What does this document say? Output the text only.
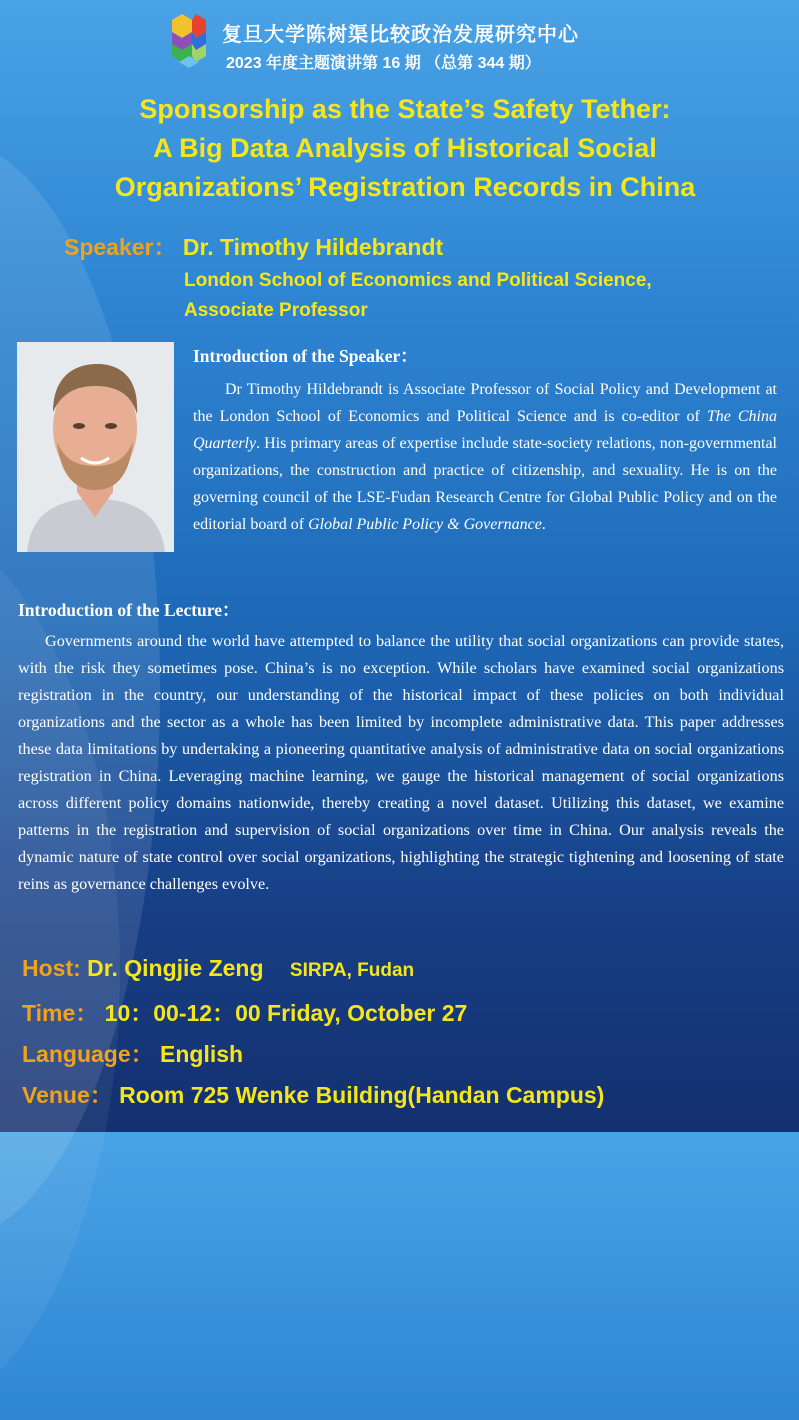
复旦大学陈树渠比较政治发展研究中心
2023 年度主题演讲第 16 期 （总第 344 期）
Sponsorship as the State’s Safety Tether:
A Big Data Analysis of Historical Social
Organizations’ Registration Records in China
Speaker： Dr. Timothy Hildebrandt
London School of Economics and Political Science,
Associate Professor
Introduction of the Speaker：

Dr Timothy Hildebrandt is Associate Professor of Social Policy and Development at the London School of Economics and Political Science and is co-editor of The China Quarterly. His primary areas of expertise include state-society relations, non-governmental organizations, the construction and practice of citizenship, and sexuality. He is on the governing council of the LSE-Fudan Research Centre for Global Public Policy and on the editorial board of Global Public Policy & Governance.

Introduction of the Lecture：

Governments around the world have attempted to balance the utility that social organizations can provide states, with the risk they sometimes pose. China’s is no exception. While scholars have examined social organizations registration in the country, our understanding of the historical impact of these policies on both individual organizations and the sector as a whole has been limited by incomplete administrative data. This paper addresses these data limitations by undertaking a pioneering quantitative analysis of administrative data on social organizations registration in China. Leveraging machine learning, we gauge the historical management of social organizations across different policy domains nationwide, thereby creating a novel dataset. Utilizing this dataset, we examine patterns in the registration and supervision of social organizations over time in China. Our analysis reveals the dynamic nature of state control over social organizations, highlighting the strategic tightening and loosening of state reins as governance challenges evolve.

Host: Dr. Qingjie Zeng SIRPA, Fudan
Time： 10：00-12：00 Friday, October 27
Language： English
Venue： Room 725 Wenke Building(Handan Campus)
